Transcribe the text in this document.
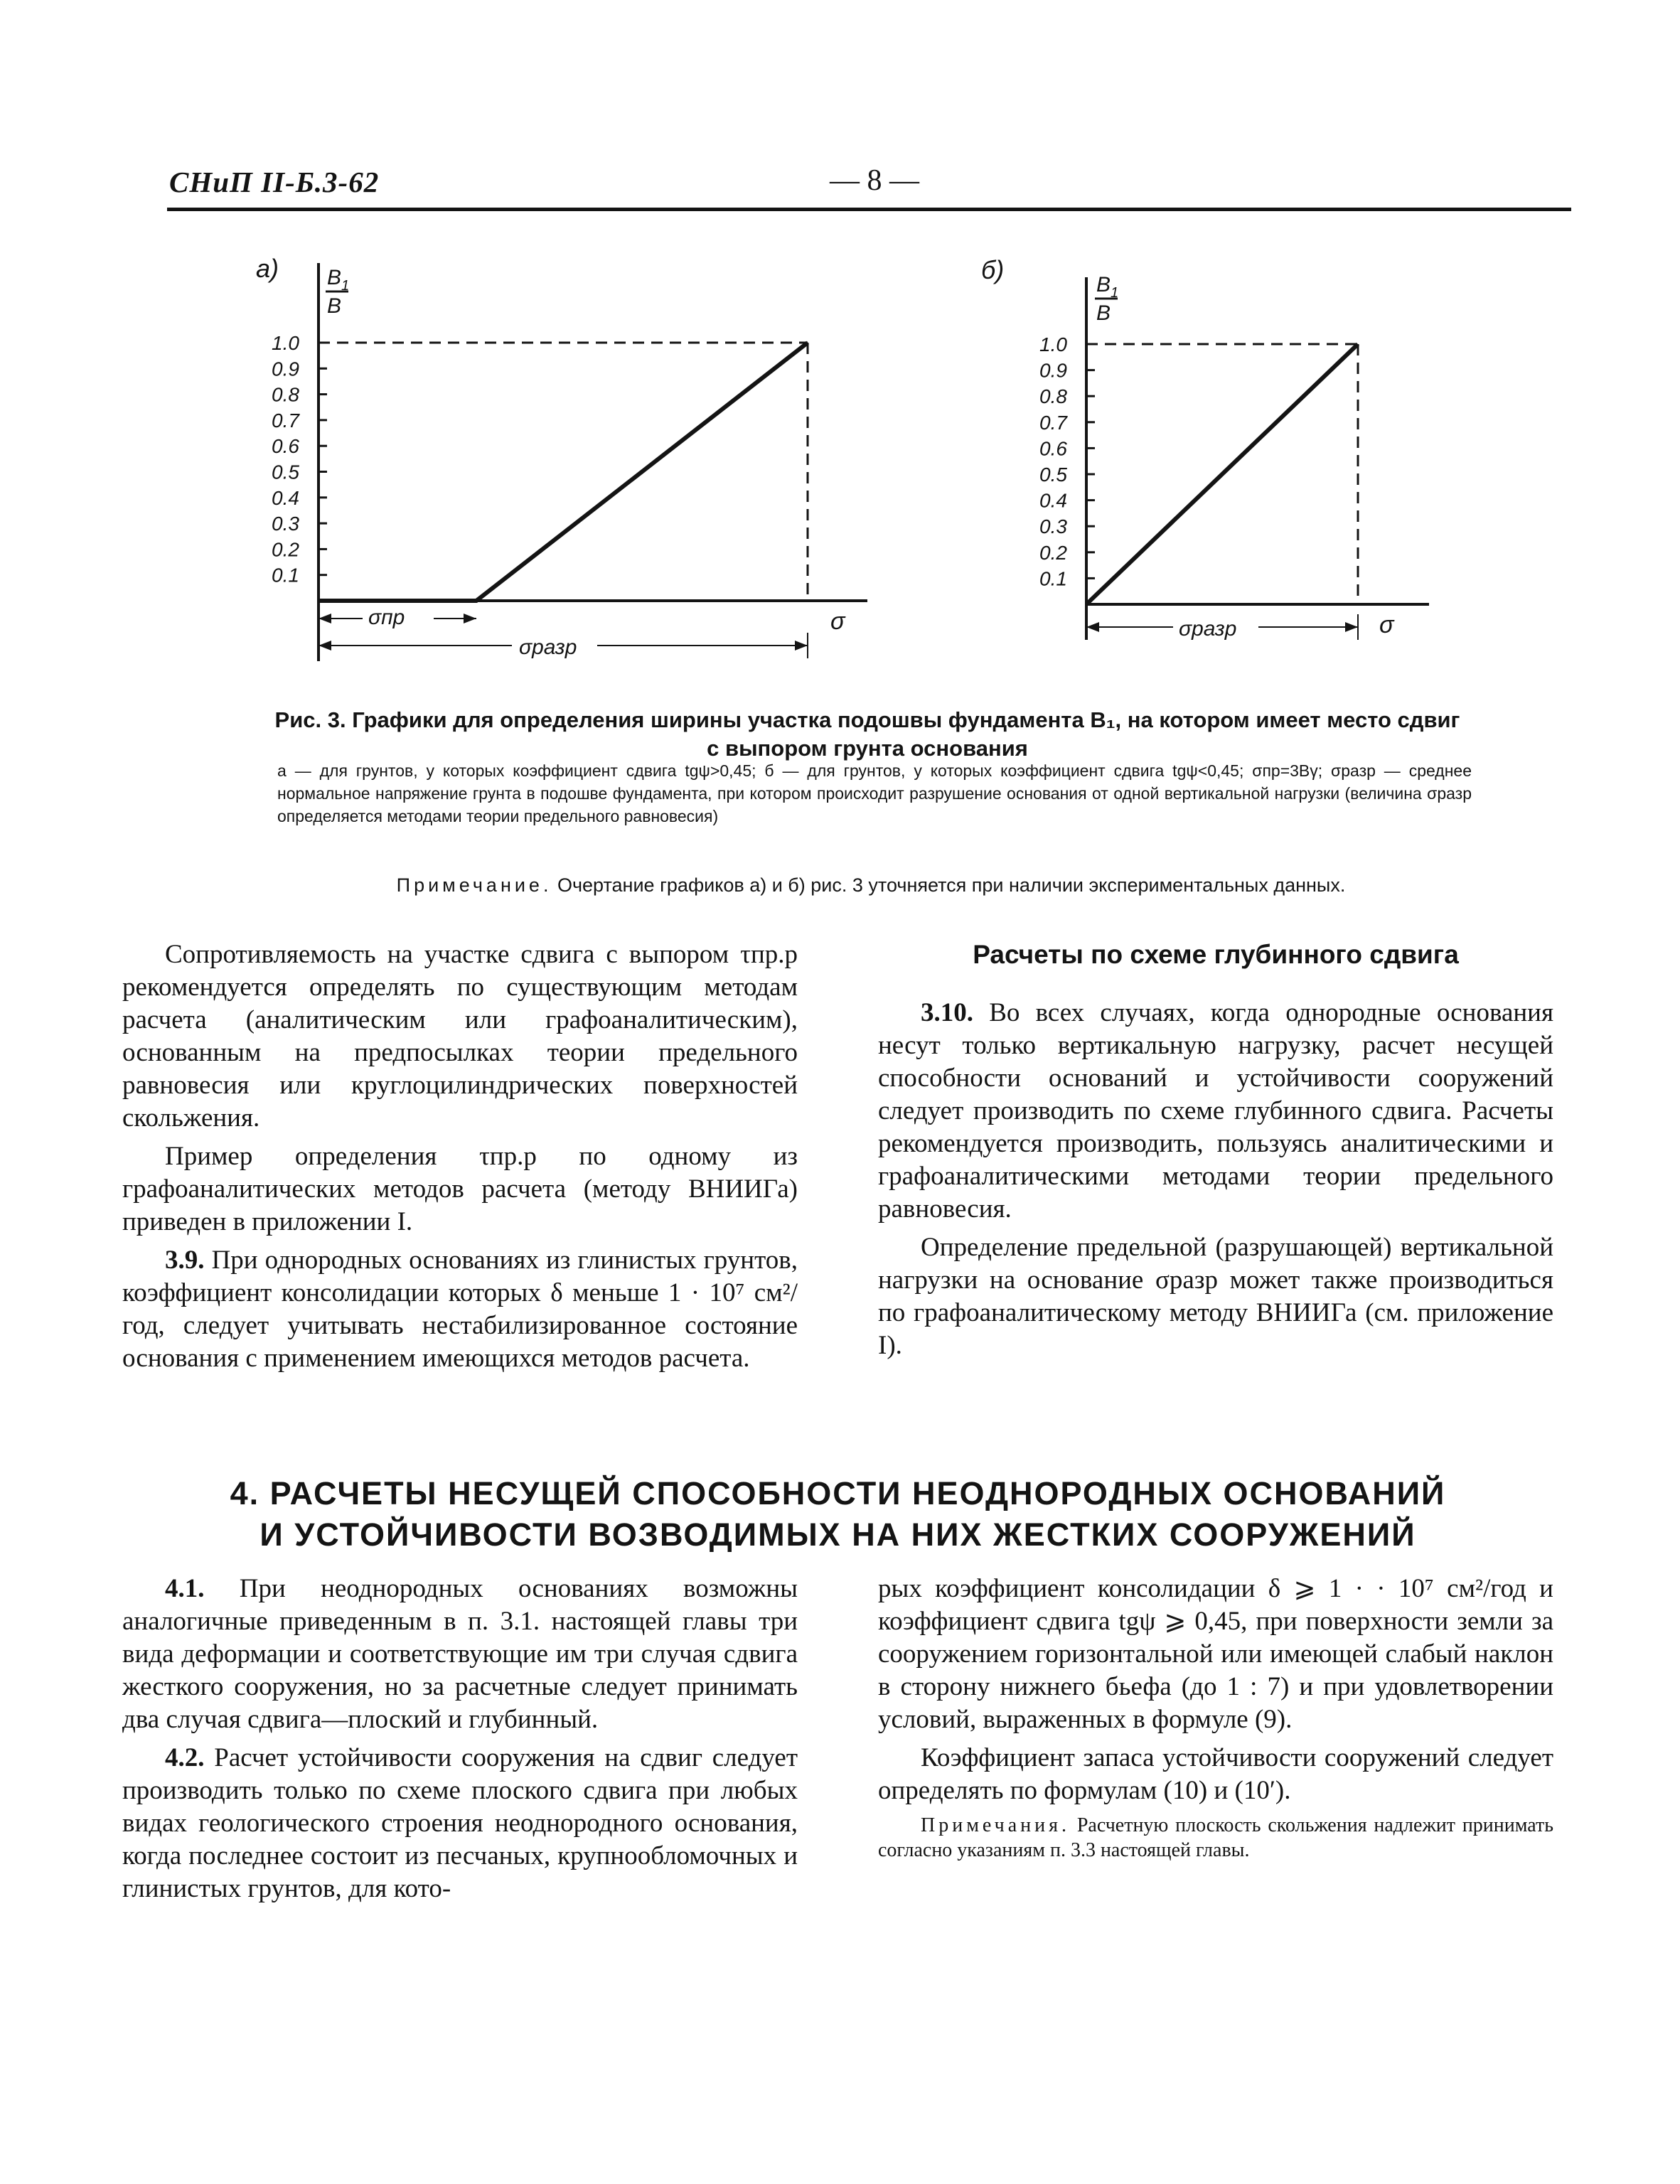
СНиП II-Б.3-62	— 8 —
а) B 1
B
1.0
0.9
0.8
0.7
0.6
0.5
0.4
0.3
0.2
0.1
σпр
σразр
σ
б)
B 1
B
1.0
0.9
0.8
0.7
0.6
0.5
0.4
0.3
0.2
0.1
σразр	σ
Рис. 3. Графики для определения ширины участка подошвы фундамента B₁, на котором имеет место сдвиг с выпором грунта основания
а — для грунтов, у которых коэффициент сдвига tgψ>0,45; б — для грунтов, у которых коэффициент сдвига tgψ<0,45; σпр=3Bγ; σразр — среднее нормальное напряжение грунта в подошве фундамента, при котором происходит разрушение основания от одной вертикальной нагрузки (величина σразр определяется методами теории предельного равновесия)
Примечание. Очертание графиков а) и б) рис. 3 уточняется при наличии экспериментальных данных.

Сопротивляемость на участке сдвига с выпором τпр.р рекомендуется определять по существующим методам расчета (аналитическим или графоаналитическим), основанным на предпосылках теории предельного равновесия или круглоцилиндрических поверхностей скольжения.

Пример определения τпр.р по одному из графоаналитических методов расчета (методу ВНИИГа) приведен в приложении I.

3.9. При однородных основаниях из глинистых грунтов, коэффициент консолидации которых δ меньше 1 · 10⁷ см²/год, следует учитывать нестабилизированное состояние основания с применением имеющихся методов расчета.

Расчеты по схеме глубинного сдвига

3.10. Во всех случаях, когда однородные основания несут только вертикальную нагрузку, расчет несущей способности оснований и устойчивости сооружений следует производить по схеме глубинного сдвига. Расчеты рекомендуется производить, пользуясь аналитическими и графоаналитическими методами теории предельного равновесия.

Определение предельной (разрушающей) вертикальной нагрузки на основание σразр может также производиться по графоаналитическому методу ВНИИГа (см. приложение I).

4. РАСЧЕТЫ НЕСУЩЕЙ СПОСОБНОСТИ НЕОДНОРОДНЫХ ОСНОВАНИЙ
И УСТОЙЧИВОСТИ ВОЗВОДИМЫХ НА НИХ ЖЕСТКИХ СООРУЖЕНИЙ

4.1. При неоднородных основаниях возможны аналогичные приведенным в п. 3.1. настоящей главы три вида деформации и соответствующие им три случая сдвига жесткого сооружения, но за расчетные следует принимать два случая сдвига—плоский и глубинный.

4.2. Расчет устойчивости сооружения на сдвиг следует производить только по схеме плоского сдвига при любых видах геологического строения неоднородного основания, когда последнее состоит из песчаных, крупнообломочных и глинистых грунтов, для кото-

рых коэффициент консолидации δ ⩾ 1 · · 10⁷ см²/год и коэффициент сдвига tgψ ⩾ 0,45, при поверхности земли за сооружением горизонтальной или имеющей слабый наклон в сторону нижнего бьефа (до 1 : 7) и при удовлетворении условий, выраженных в формуле (9).

Коэффициент запаса устойчивости сооружений следует определять по формулам (10) и (10′).

Примечания. Расчетную плоскость скольжения надлежит принимать согласно указаниям п. 3.3 настоящей главы.
